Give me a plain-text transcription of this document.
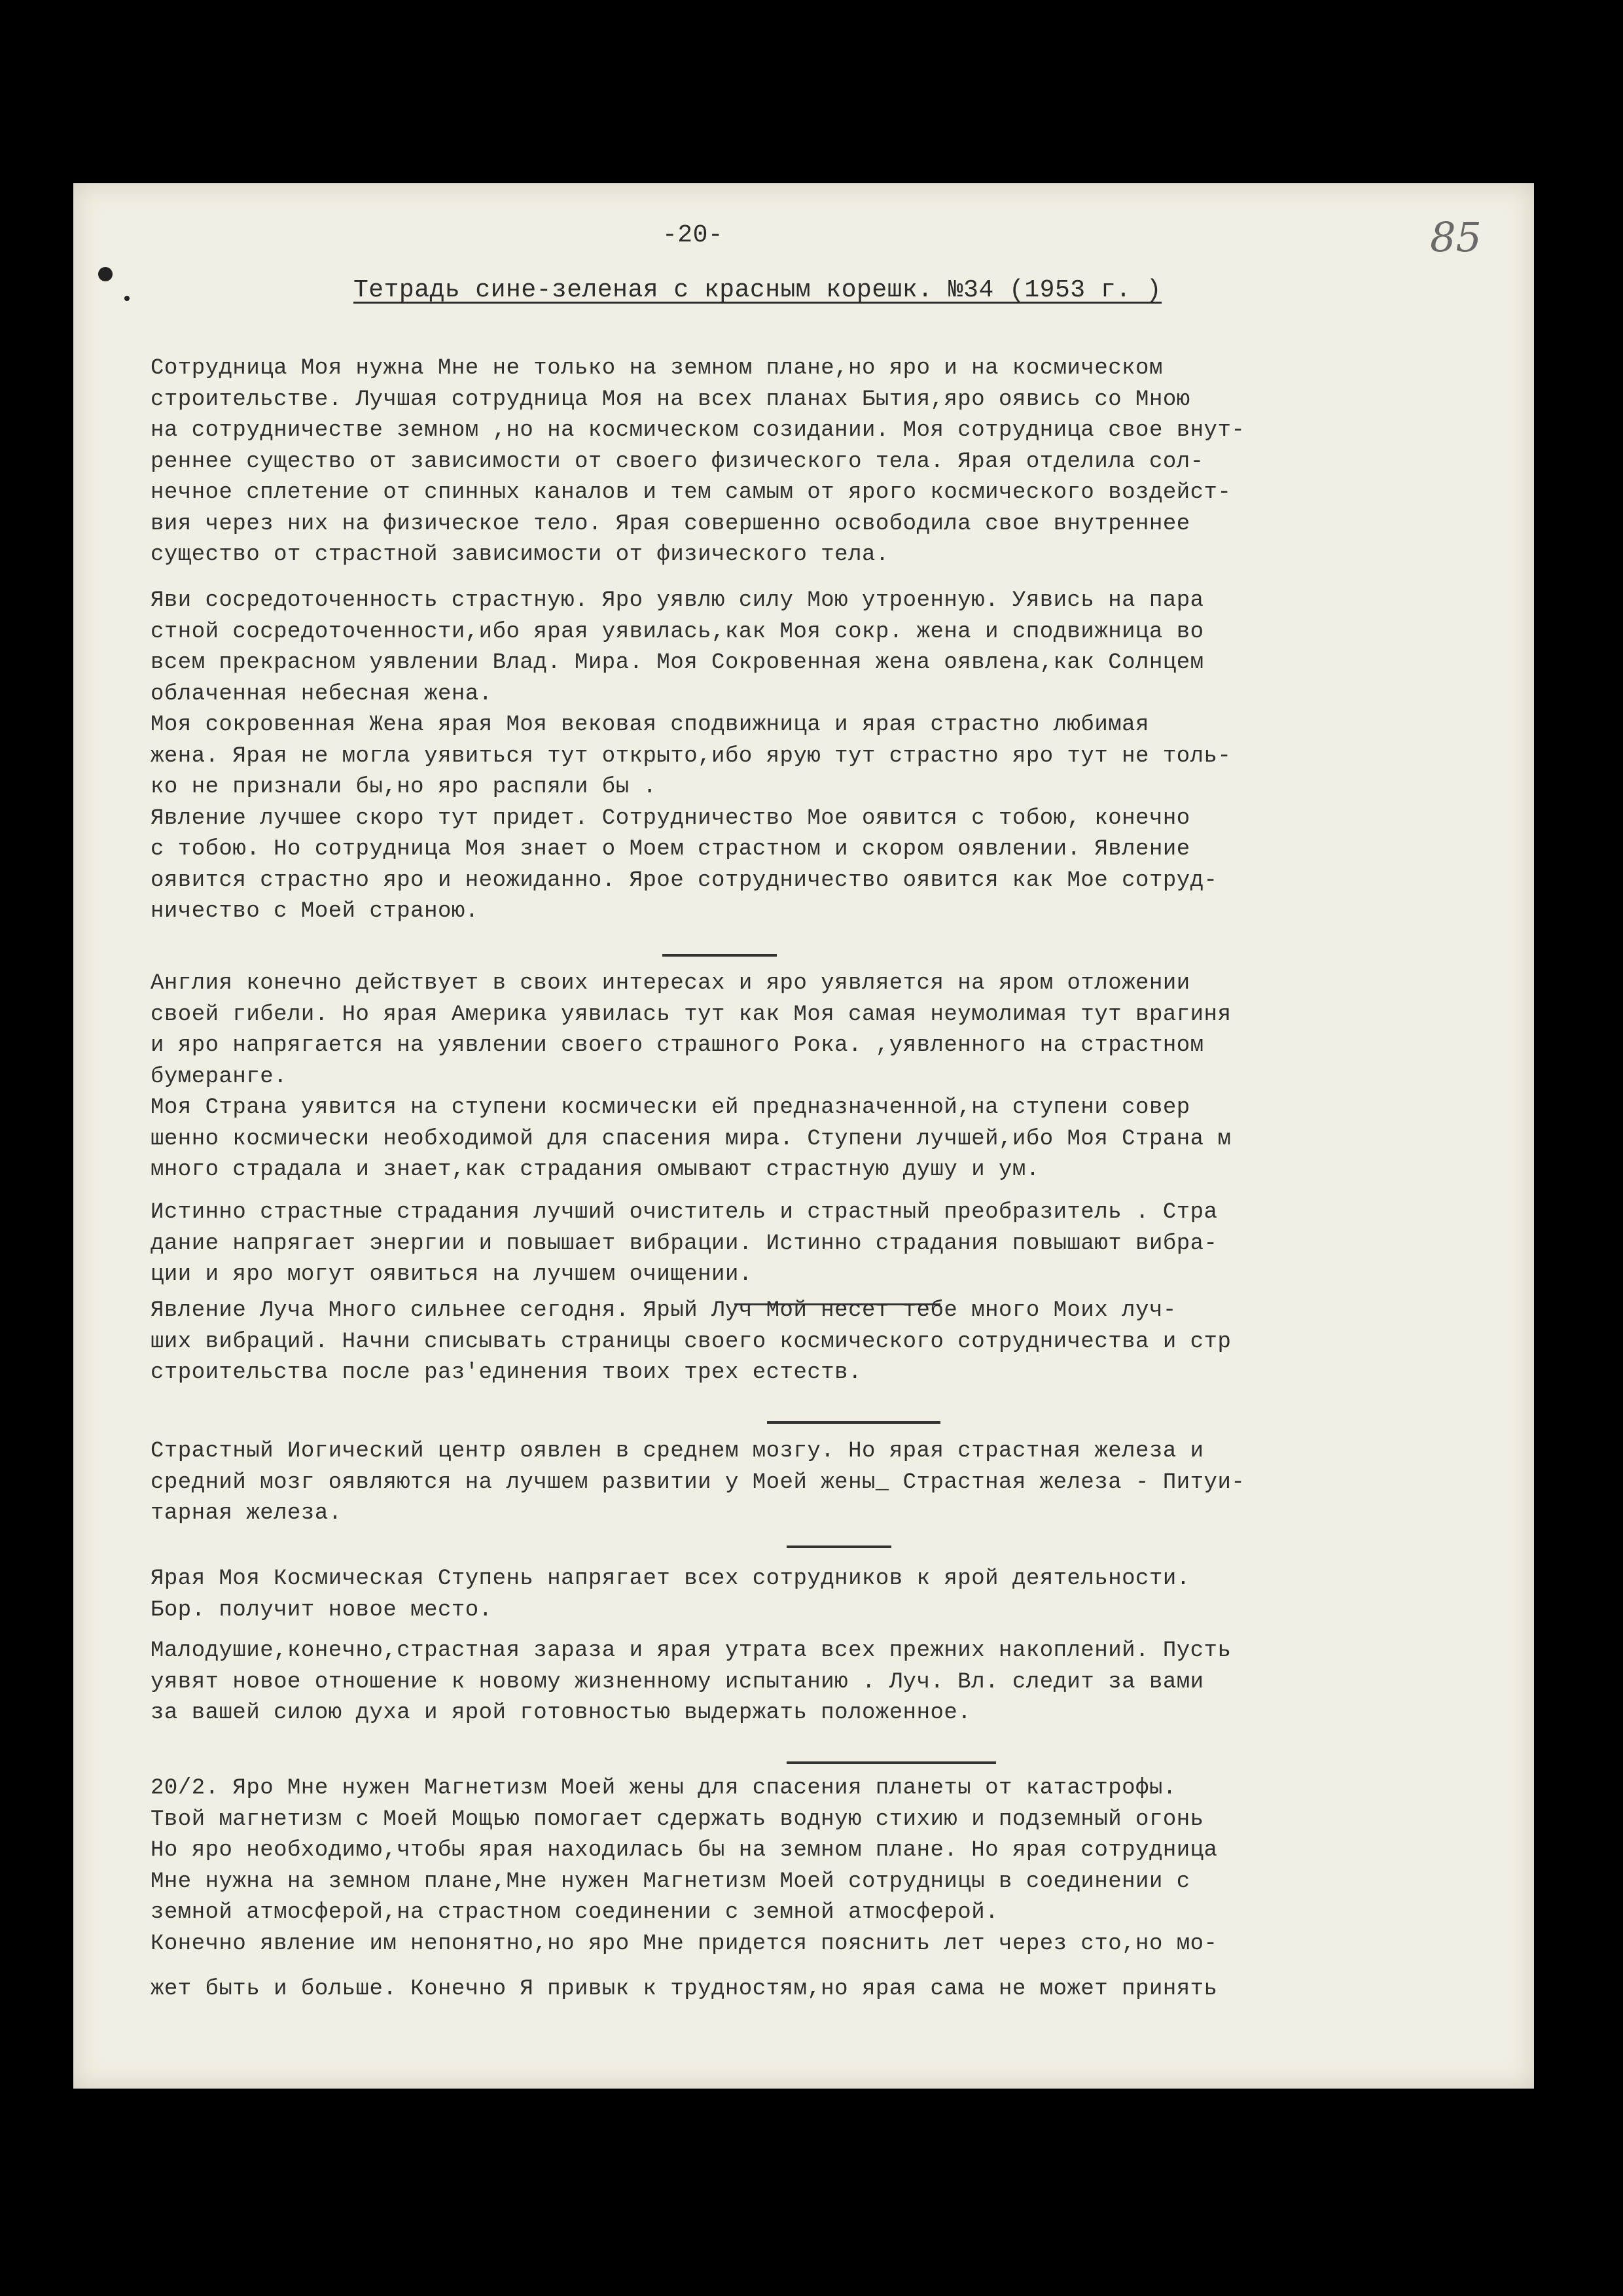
-20-	85
Тетрадь сине-зеленая с красным корешк. №34 (1953 г. )
Сотрудница Моя нужна Мне не только на земном плане,но яро и на космическом
строительстве. Лучшая сотрудница Моя на всех планах Бытия,яро оявись со Мною
на сотрудничестве земном ,но на космическом созидании. Моя сотрудница свое внут-
реннее существо от зависимости от своего физического тела. Ярая отделила сол-
нечное сплетение от спинных каналов и тем самым от ярого космического воздейст-
вия через них на физическое тело. Ярая совершенно освободила свое внутреннее
существо от страстной зависимости от физического тела.
Яви сосредоточенность страстную. Яро уявлю силу Мою утроенную. Уявись на пара
стной сосредоточенности,ибо ярая уявилась,как Моя сокр. жена и сподвижница во
всем прекрасном уявлении Влад. Мира. Моя Сокровенная жена оявлена,как Солнцем
облаченная небесная жена.
Моя сокровенная Жена ярая Моя вековая сподвижница и ярая страстно любимая
жена. Ярая не могла уявиться тут открыто,ибо ярую тут страстно яро тут не толь-
ко не признали бы,но яро распяли бы .
Явление лучшее скоро тут придет. Сотрудничество Мое оявится с тобою, конечно
с тобою. Но сотрудница Моя знает о Моем страстном и скором оявлении. Явление
оявится страстно яро и неожиданно. Ярое сотрудничество оявится как Мое сотруд-
ничество с Моей страною.
Англия конечно действует в своих интересах и яро уявляется на яром отложении
своей гибели. Но ярая Америка уявилась тут как Моя самая неумолимая тут врагиня
и яро напрягается на уявлении своего страшного Рока. ,уявленного на страстном
бумеранге.
Моя Страна уявится на ступени космически ей предназначенной,на ступени совер
шенно космически необходимой для спасения мира. Ступени лучшей,ибо Моя Страна м
много страдала и знает,как страдания омывают страстную душу и ум.
Истинно страстные страдания лучший очиститель и страстный преобразитель . Стра
дание напрягает энергии и повышает вибрации. Истинно страдания повышают вибра-
ции и яро могут оявиться на лучшем очищении.
Явление Луча Много сильнее сегодня. Ярый Луч Мой несет тебе много Моих луч-
ших вибраций. Начни списывать страницы своего космического сотрудничества и стр
строительства после раз'единения твоих трех естеств.
Страстный Иогический центр оявлен в среднем мозгу. Но ярая страстная железа и
средний мозг оявляются на лучшем развитии у Моей жены_ Страстная железа - Питуи-
тарная железа.
Ярая Моя Космическая Ступень напрягает всех сотрудников к ярой деятельности.
Бор. получит новое место.
Малодушие,конечно,страстная зараза и ярая утрата всех прежних накоплений. Пусть
уявят новое отношение к новому жизненному испытанию . Луч. Вл. следит за вами
за вашей силою духа и ярой готовностью выдержать положенное.
20/2. Яро Мне нужен Магнетизм Моей жены для спасения планеты от катастрофы.
Твой магнетизм с Моей Мощью помогает сдержать водную стихию и подземный огонь
Но яро необходимо,чтобы ярая находилась бы на земном плане. Но ярая сотрудница
Мне нужна на земном плане,Мне нужен Магнетизм Моей сотрудницы в соединении с
земной атмосферой,на страстном соединении с земной атмосферой.
Конечно явление им непонятно,но яро Мне придется пояснить лет через сто,но мо-
жет быть и больше. Конечно Я привык к трудностям,но ярая сама не может принять
